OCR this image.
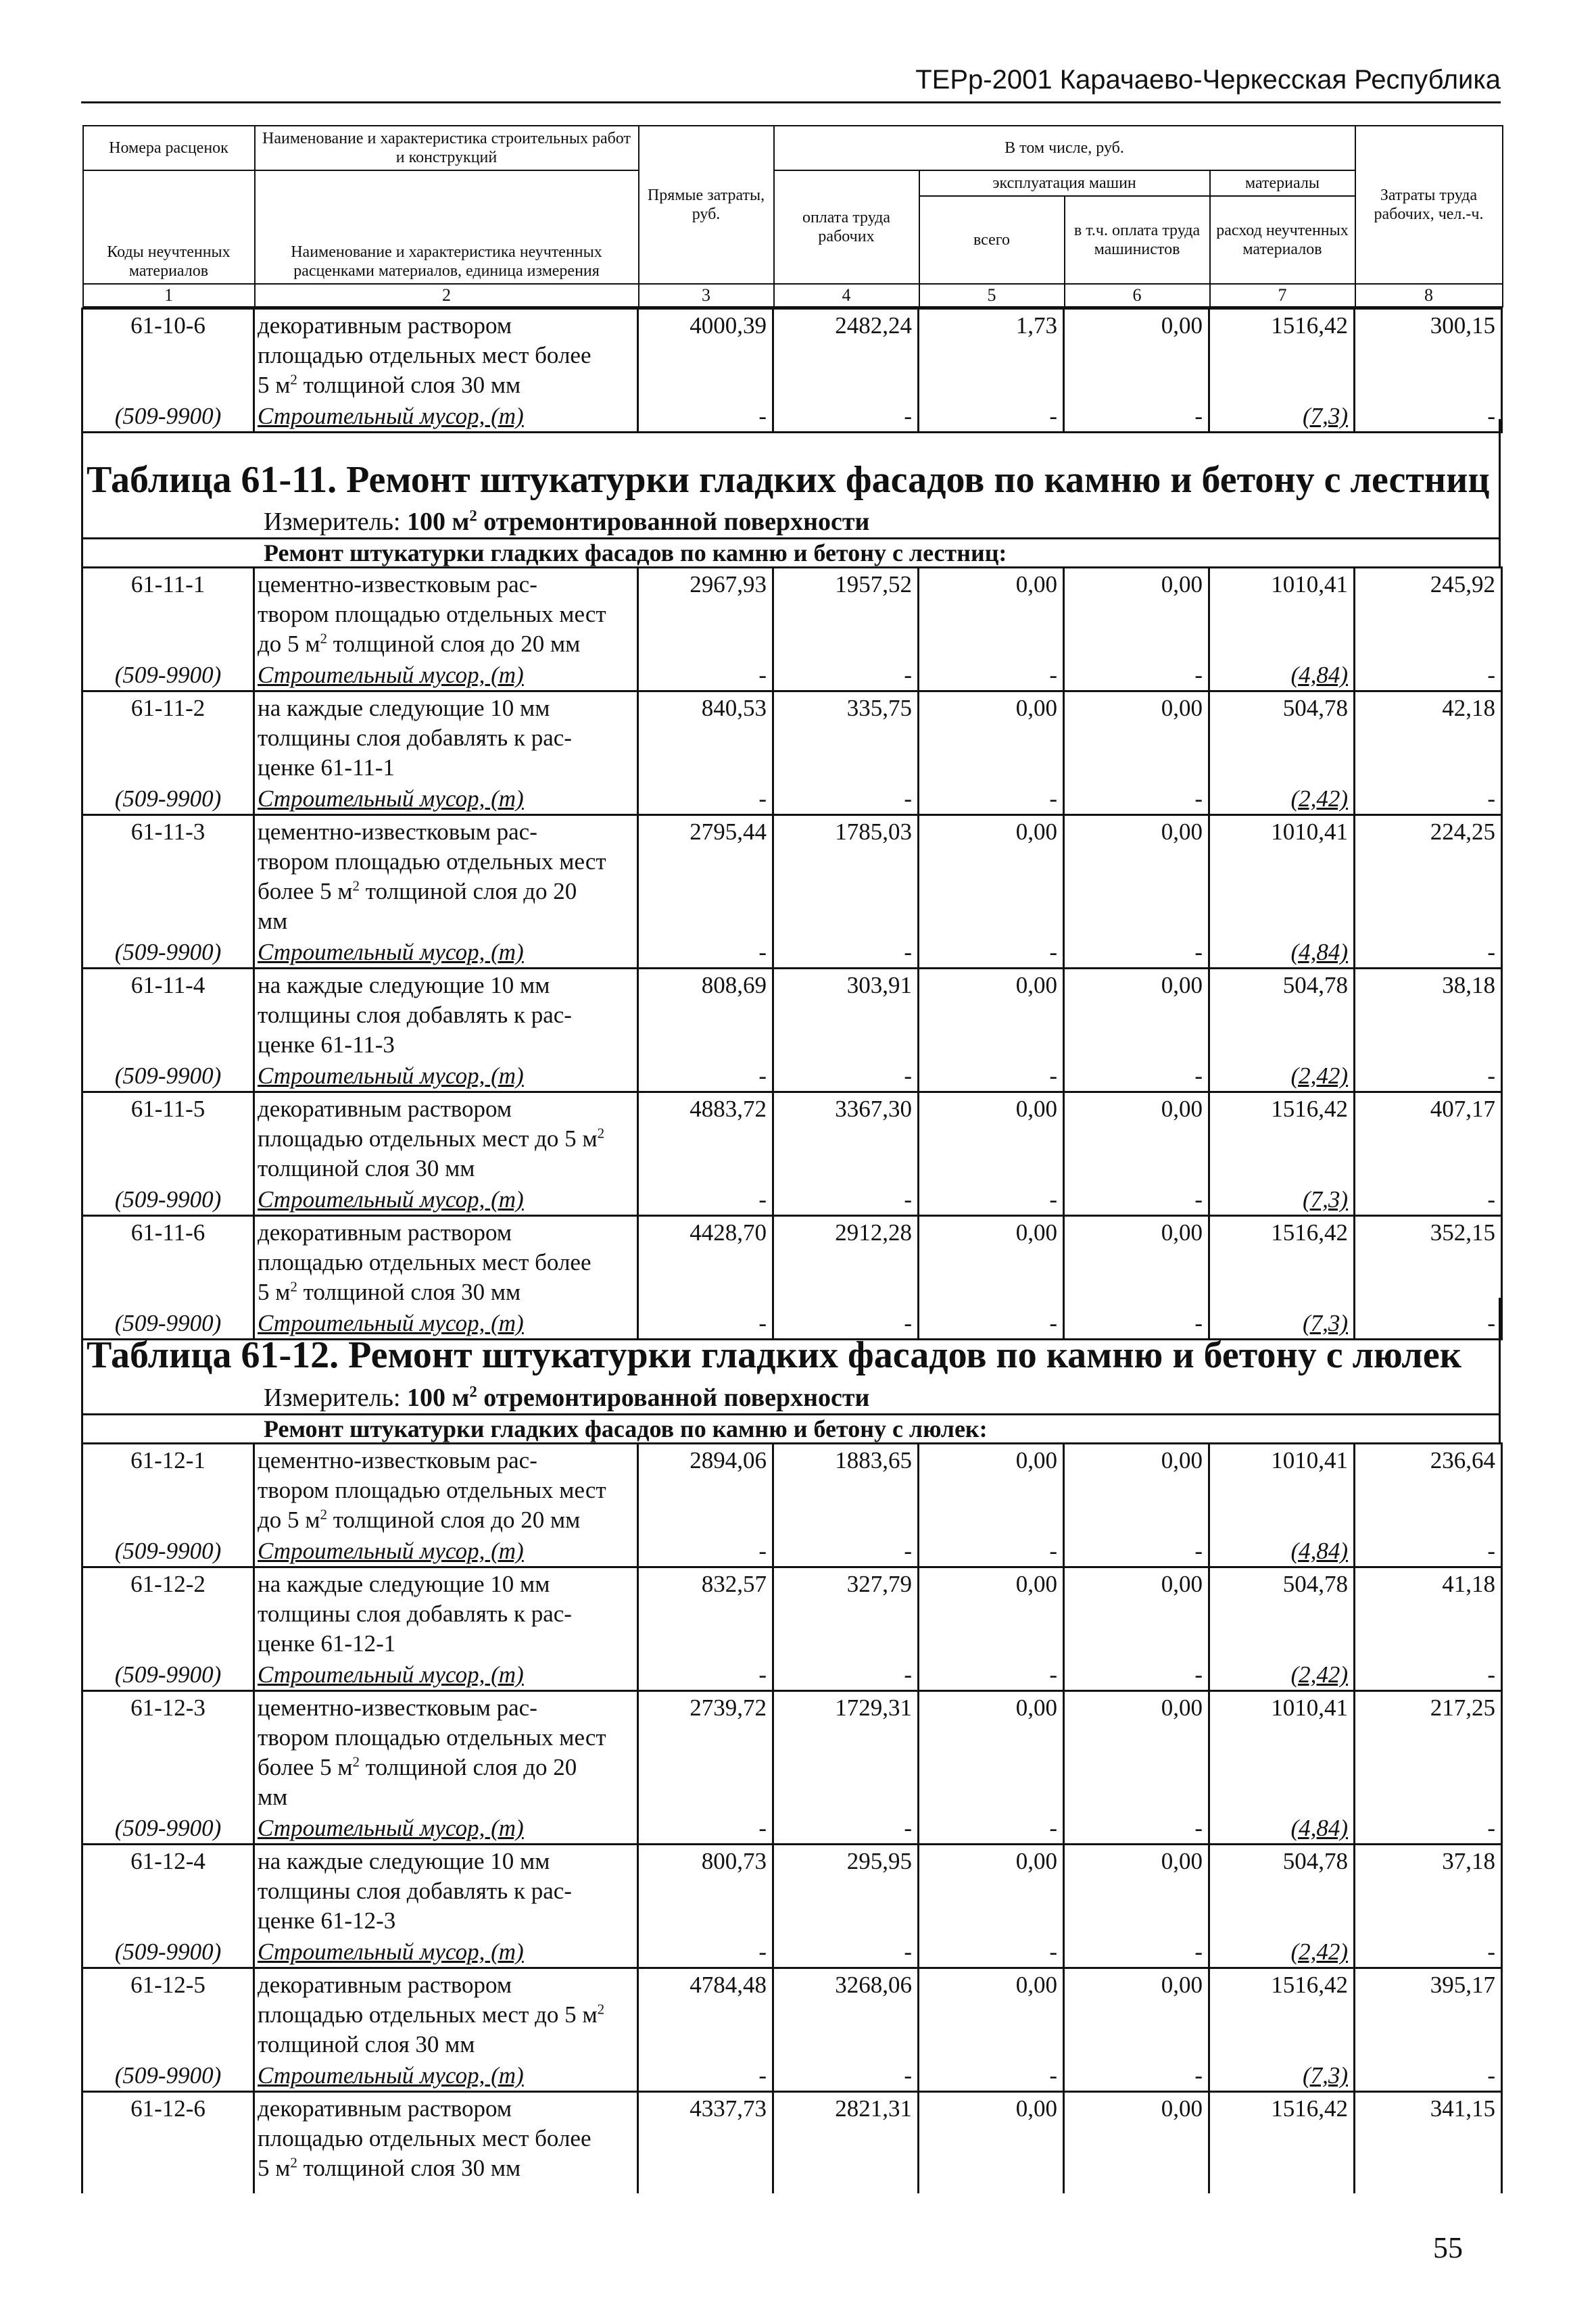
ТЕРр-2001 Карачаево-Черкесская Республика
Номера расценок	Наименование и характеристика строительных работ и конструкций	Прямые затраты, руб.	В том числе, руб.	Затраты труда рабочих, чел.-ч.
Коды неучтенных материалов	Наименование и характеристика неучтенных расценками материалов, единица измерения	оплата труда рабочих	эксплуатация машин	материалы
всего	в т.ч. оплата труда машинистов	расход неучтенных материалов
1	2	3	4	5	6	7	8

61-10-6	декоративным раствором
площадью отдельных мест более
5 $м^2$ толщиной слоя 30 мм
	4000,39	2482,24	1,73	0,00	1516,42	300,15
(509-9900)	Строительный мусор, (т)	-	-	-	-	(7,3)	-
Таблица 61-11. Ремонт штукатурки гладких фасадов по камню и бетону с лестниц
Измеритель: 100 $м^2$ отремонтированной поверхности
Ремонт штукатурки гладких фасадов по камню и бетону с лестниц:
61-11-1	цементно-известковым рас-
твором площадью отдельных мест
до 5 $м^2$ толщиной слоя до 20 мм	2967,93	1957,52	0,00	0,00	1010,41	245,92
(509-9900)	Строительный мусор, (т)	-	-	-	-	(4,84)	-
61-11-2	на каждые следующие 10 мм
толщины слоя добавлять к рас-
ценке 61-11-1	840,53	335,75	0,00	0,00	504,78	42,18
(509-9900)	Строительный мусор, (т)	-	-	-	-	(2,42)	-
61-11-3	цементно-известковым рас-
твором площадью отдельных мест
более 5 $м^2$ толщиной слоя до 20
мм	2795,44	1785,03	0,00	0,00	1010,41	224,25
(509-9900)	Строительный мусор, (т)	-	-	-	-	(4,84)	-
61-11-4	на каждые следующие 10 мм
толщины слоя добавлять к рас-
ценке 61-11-3	808,69	303,91	0,00	0,00	504,78	38,18
(509-9900)	Строительный мусор, (т)	-	-	-	-	(2,42)	-
61-11-5	декоративным раствором
площадью отдельных мест до 5 $м^2$
толщиной слоя 30 мм	4883,72	3367,30	0,00	0,00	1516,42	407,17
(509-9900)	Строительный мусор, (т)	-	-	-	-	(7,3)	-
61-11-6	декоративным раствором
площадью отдельных мест более
5 $м^2$ толщиной слоя 30 мм	4428,70	2912,28	0,00	0,00	1516,42	352,15
(509-9900)	Строительный мусор, (т)	-	-	-	-	(7,3)	-
Таблица 61-12. Ремонт штукатурки гладких фасадов по камню и бетону с люлек
Измеритель: 100 $м^2$ отремонтированной поверхности
Ремонт штукатурки гладких фасадов по камню и бетону с люлек:
61-12-1	цементно-известковым рас-
твором площадью отдельных мест
до 5 $м^2$ толщиной слоя до 20 мм	2894,06	1883,65	0,00	0,00	1010,41	236,64
(509-9900)	Строительный мусор, (т)	-	-	-	-	(4,84)	-
61-12-2	на каждые следующие 10 мм
толщины слоя добавлять к рас-
ценке 61-12-1	832,57	327,79	0,00	0,00	504,78	41,18
(509-9900)	Строительный мусор, (т)	-	-	-	-	(2,42)	-
61-12-3	цементно-известковым рас-
твором площадью отдельных мест
более 5 $м^2$ толщиной слоя до 20
мм	2739,72	1729,31	0,00	0,00	1010,41	217,25
(509-9900)	Строительный мусор, (т)	-	-	-	-	(4,84)	-
61-12-4	на каждые следующие 10 мм
толщины слоя добавлять к рас-
ценке 61-12-3	800,73	295,95	0,00	0,00	504,78	37,18
(509-9900)	Строительный мусор, (т)	-	-	-	-	(2,42)	-
61-12-5	декоративным раствором
площадью отдельных мест до 5 $м^2$
толщиной слоя 30 мм	4784,48	3268,06	0,00	0,00	1516,42	395,17
(509-9900)	Строительный мусор, (т)	-	-	-	-	(7,3)	-
61-12-6	декоративным раствором
площадью отдельных мест более
5 $м^2$ толщиной слоя 30 мм	4337,73	2821,31	0,00	0,00	1516,42	341,15
55
